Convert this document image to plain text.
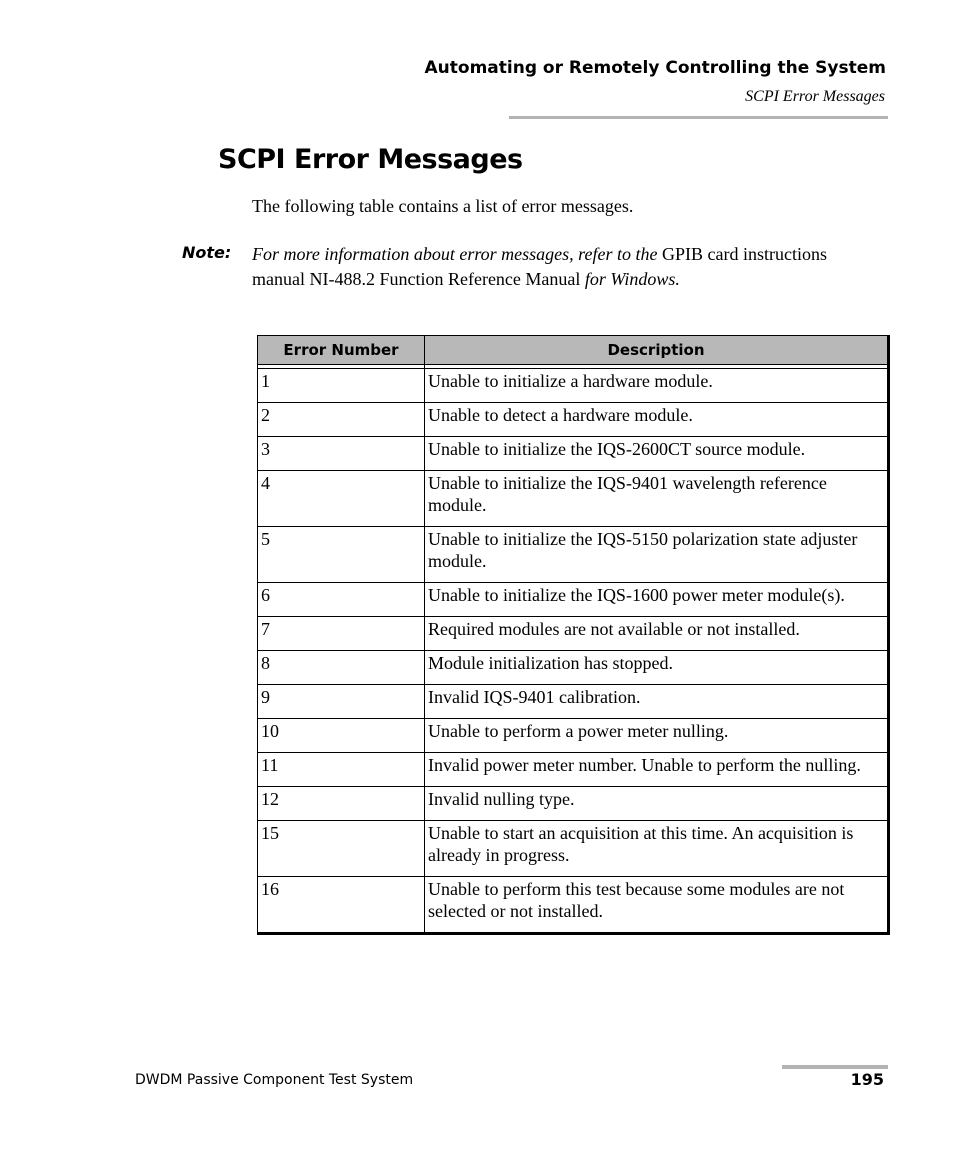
Automating or Remotely Controlling the System
SCPI Error Messages
SCPI Error Messages
The following table contains a list of error messages.
Note: For more information about error messages, refer to the GPIB card instructions manual NI-488.2 Function Reference Manual for Windows.
Error Number	Description

1	Unable to initialize a hardware module.
2	Unable to detect a hardware module.
3	Unable to initialize the IQS-2600CT source module.
4	Unable to initialize the IQS-9401 wavelength reference module.
5	Unable to initialize the IQS-5150 polarization state adjuster module.
6	Unable to initialize the IQS-1600 power meter module(s).
7	Required modules are not available or not installed.
8	Module initialization has stopped.
9	Invalid IQS-9401 calibration.
10	Unable to perform a power meter nulling.
11	Invalid power meter number. Unable to perform the nulling.
12	Invalid nulling type.
15	Unable to start an acquisition at this time. An acquisition is already in progress.
16	Unable to perform this test because some modules are not selected or not installed.
DWDM Passive Component Test System	195
